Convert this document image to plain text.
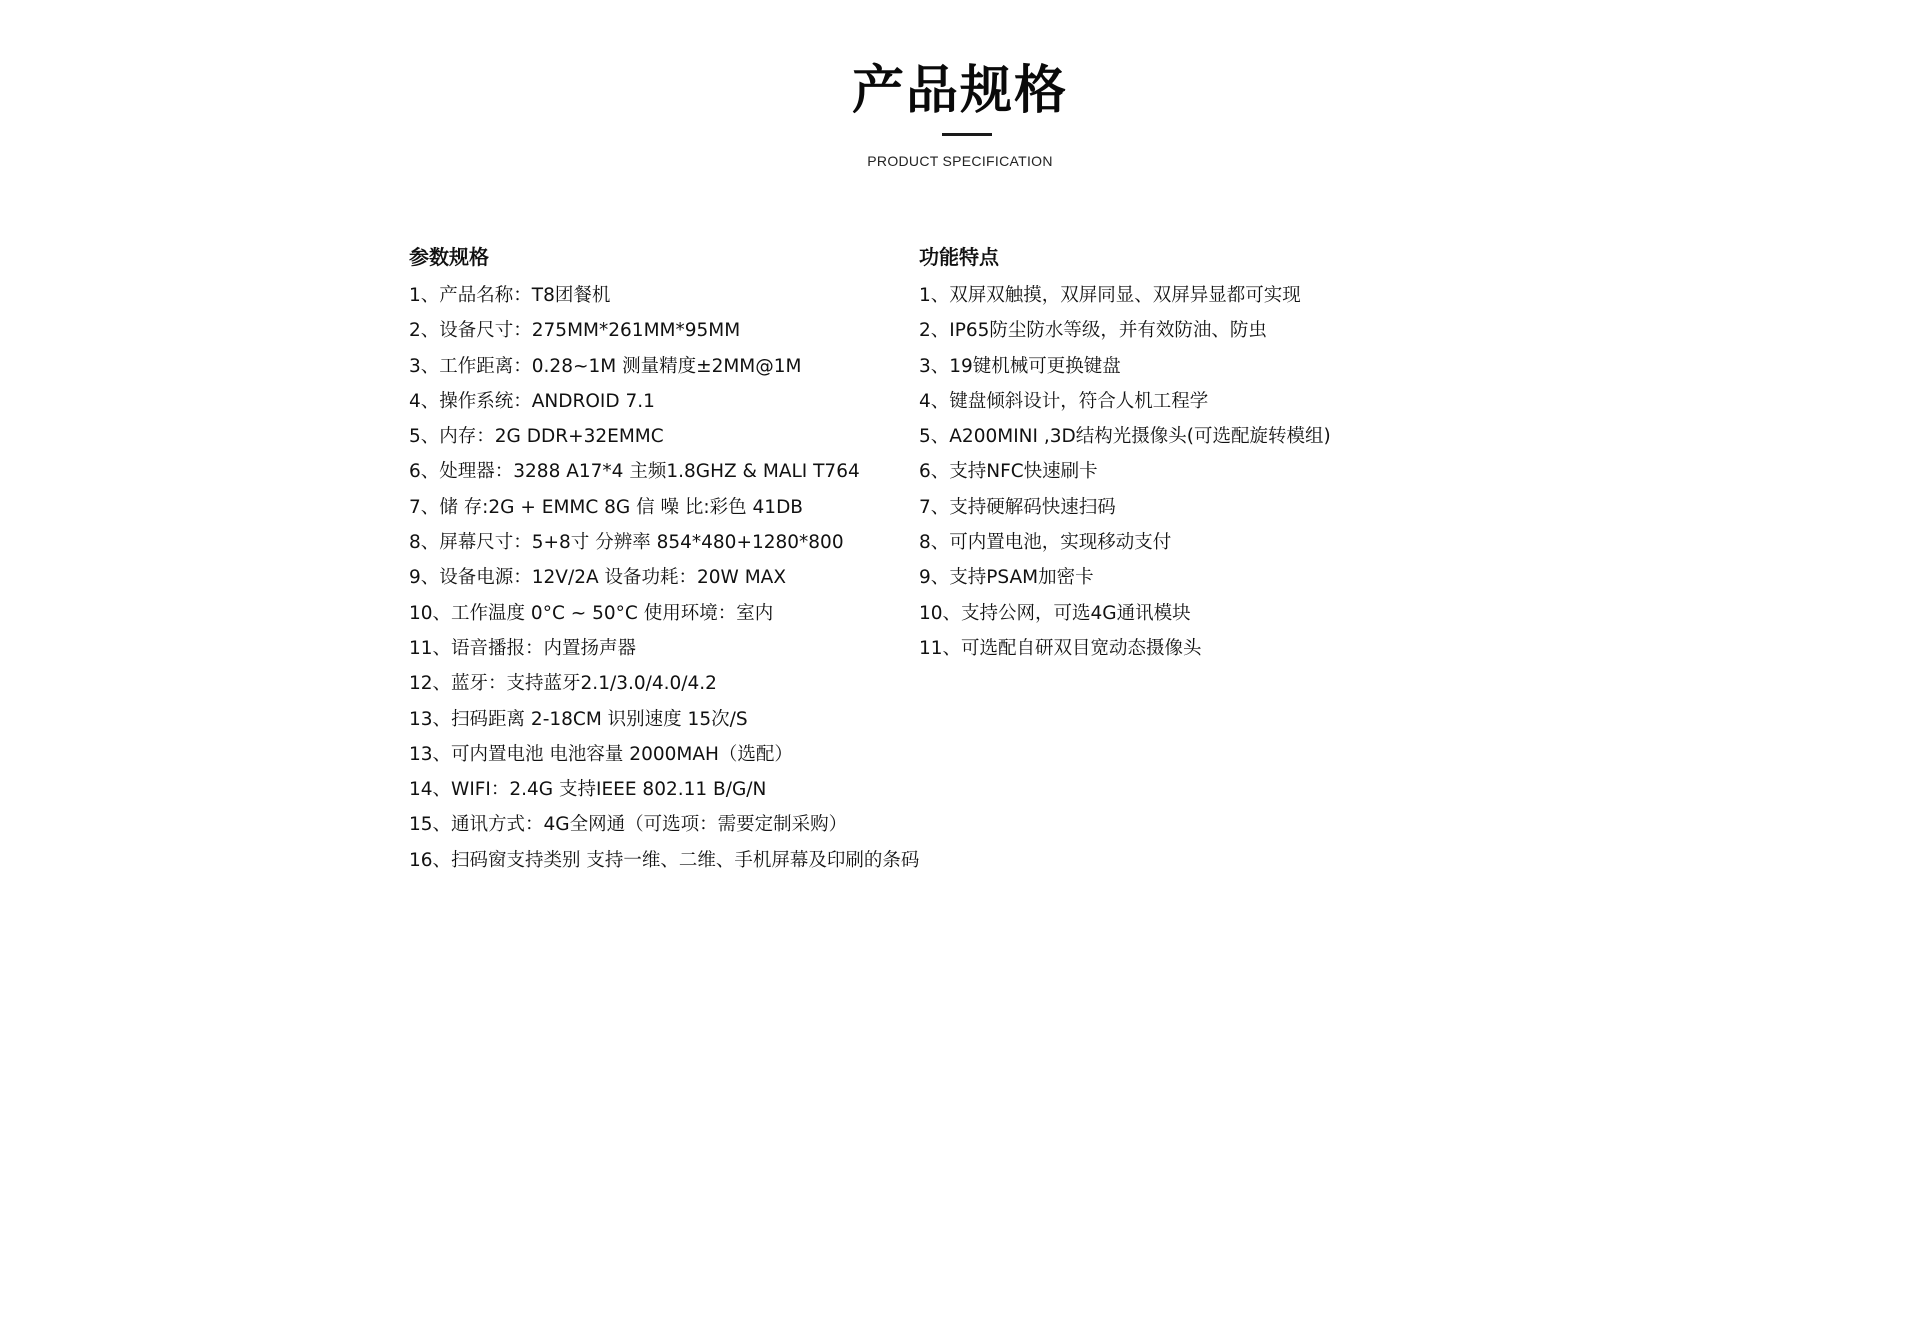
产品规格
PRODUCT SPECIFICATION
参数规格
1、产品名称：T8团餐机
2、设备尺寸：275MM*261MM*95MM
3、工作距离：0.28~1M 测量精度±2MM@1M
4、操作系统：ANDROID 7.1
5、内存：2G DDR+32EMMC
6、处理器：3288 A17*4 主频1.8GHZ & MALI T764
7、储 存:2G + EMMC 8G 信 噪 比:彩色 41DB
8、屏幕尺寸：5+8寸 分辨率 854*480+1280*800
9、设备电源：12V/2A 设备功耗：20W MAX
10、工作温度 0°C ~ 50°C 使用环境：室内
11、语音播报：内置扬声器
12、蓝牙：支持蓝牙2.1/3.0/4.0/4.2
13、扫码距离 2-18CM 识别速度 15次/S
13、可内置电池 电池容量 2000MAH（选配）
14、WIFI：2.4G 支持IEEE 802.11 B/G/N
15、通讯方式：4G全网通（可选项：需要定制采购）
16、扫码窗支持类别 支持一维、二维、手机屏幕及印刷的条码
功能特点
1、双屏双触摸，双屏同显、双屏异显都可实现
2、IP65防尘防水等级，并有效防油、防虫
3、19键机械可更换键盘
4、键盘倾斜设计，符合人机工程学
5、A200MINI ,3D结构光摄像头(可选配旋转模组)
6、支持NFC快速刷卡
7、支持硬解码快速扫码
8、可内置电池，实现移动支付
9、支持PSAM加密卡
10、支持公网，可选4G通讯模块
11、可选配自研双目宽动态摄像头
